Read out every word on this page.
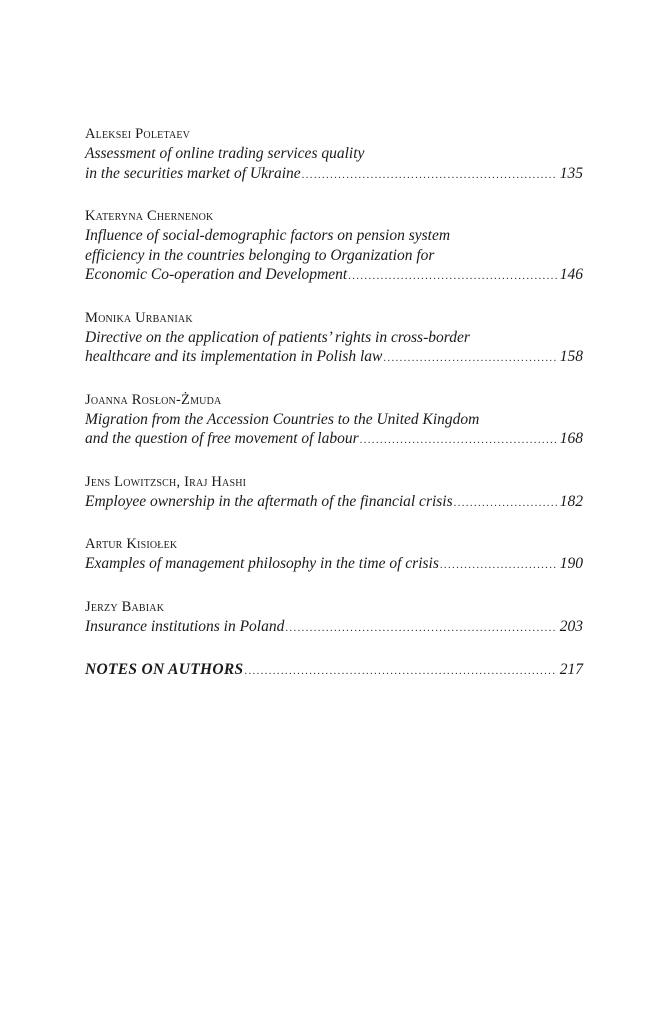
Aleksei Poletaev
Assessment of online trading services quality
in the securities market of Ukraine .....	135
Kateryna Chernenok
Influence of social-demographic factors on pension system
efficiency in the countries belonging to Organization for
Economic Co-operation and Development .....	146
Monika Urbaniak
Directive on the application of patients’ rights in cross-border
healthcare and its implementation in Polish law .....	158
Joanna Rosłon-Żmuda
Migration from the Accession Countries to the United Kingdom
and the question of free movement of labour .....	168
Jens Lowitzsch, Iraj Hashi
Employee ownership in the aftermath of the financial crisis .....	182
Artur Kisiołek
Examples of management philosophy in the time of crisis .....	190
Jerzy Babiak
Insurance institutions in Poland .....	203
NOTES ON AUTHORS .....	217
